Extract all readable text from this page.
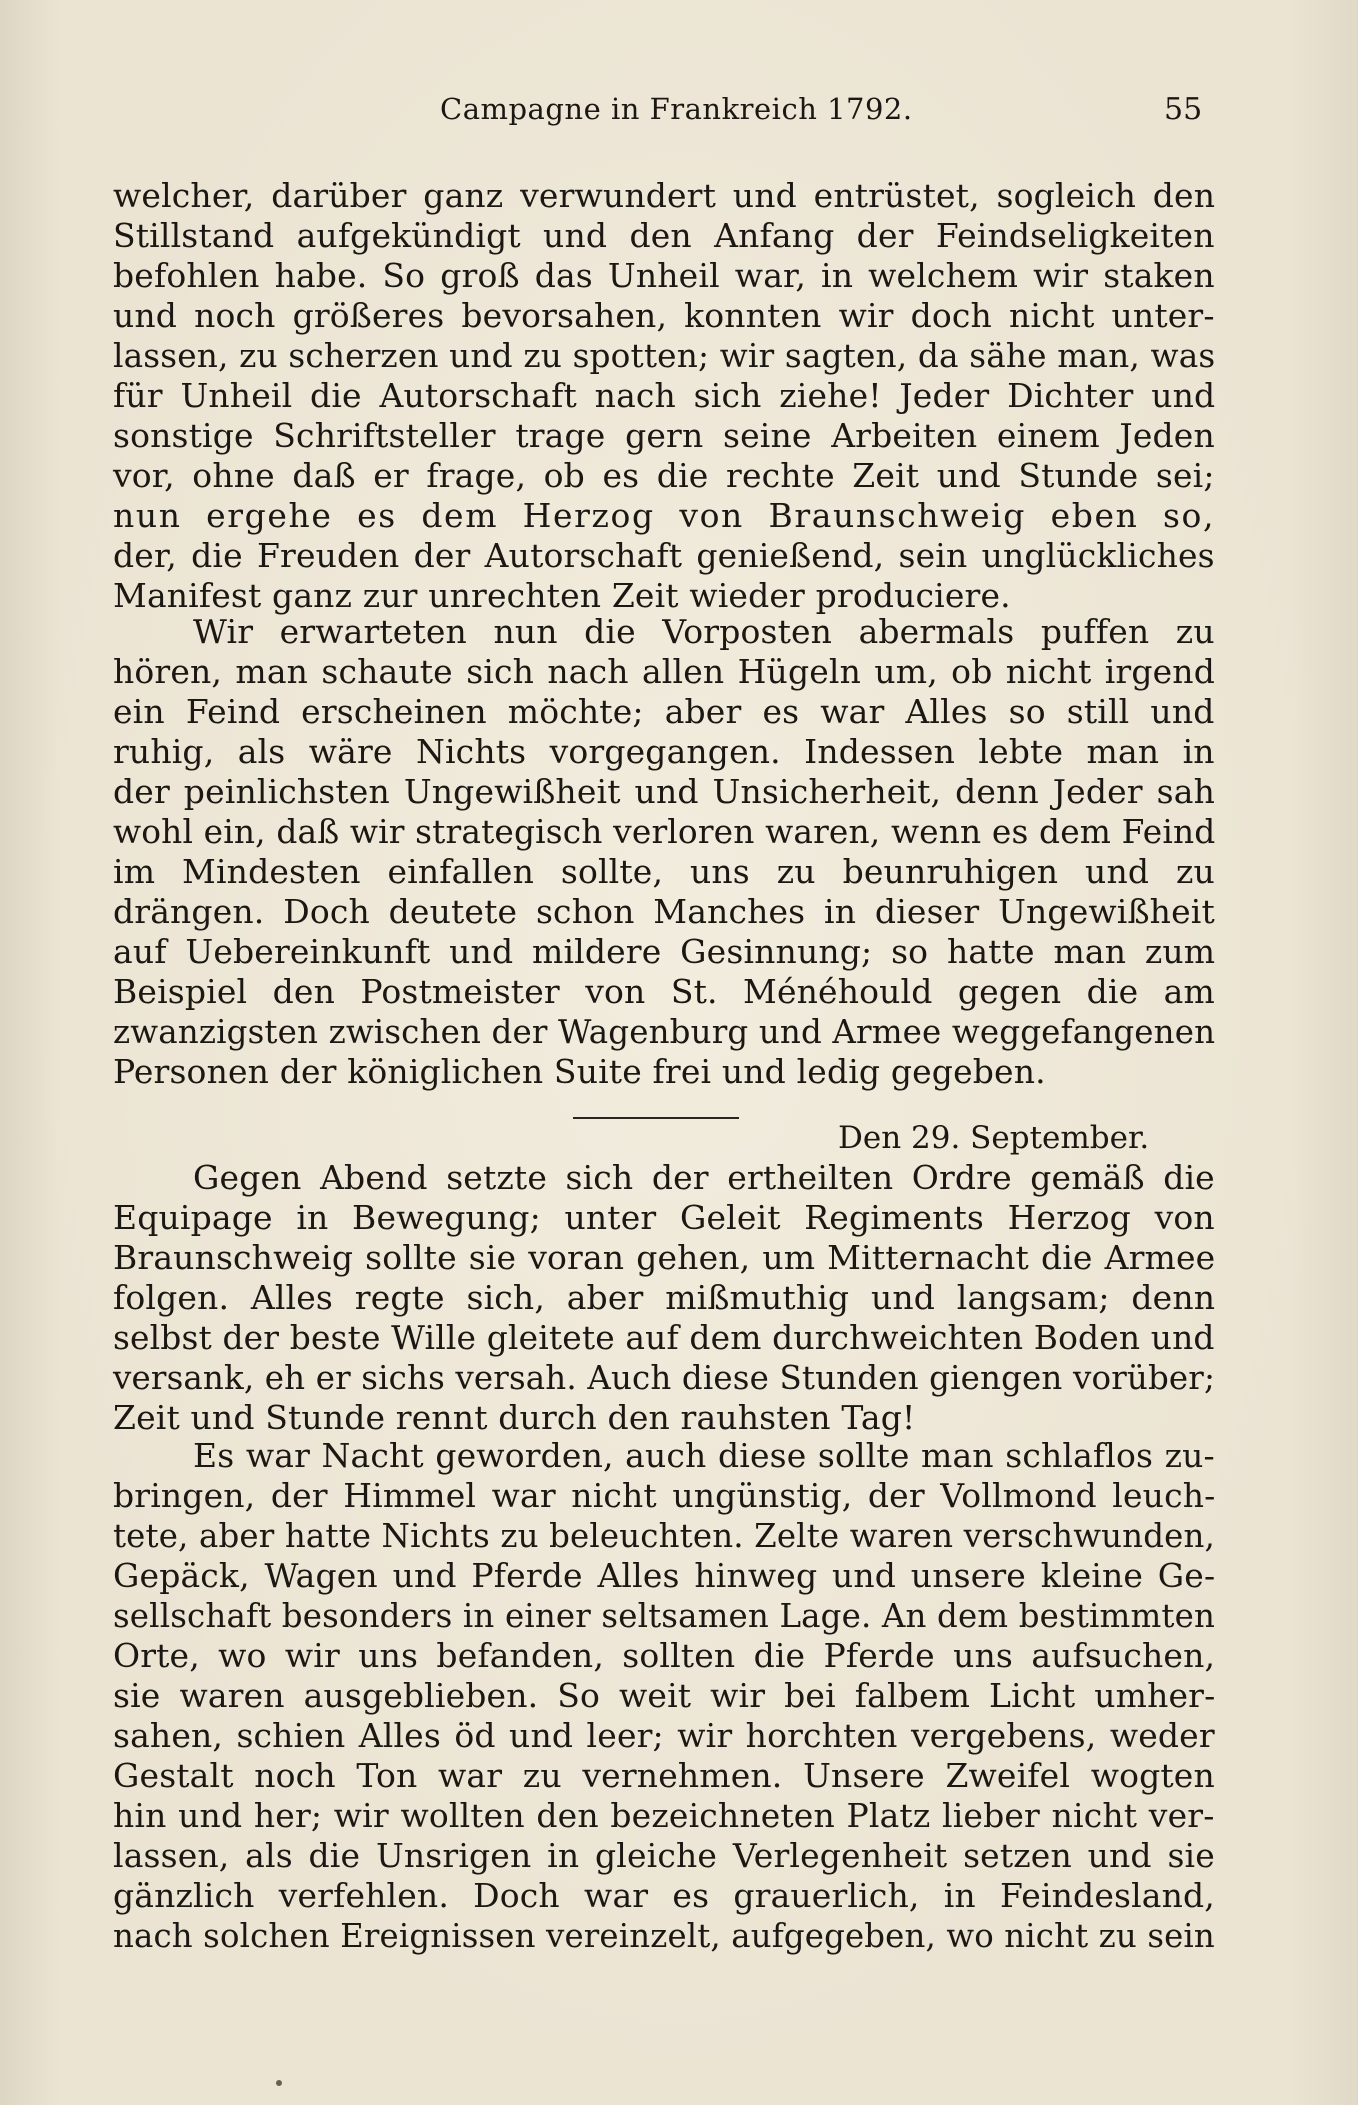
Campagne in Frankreich 1792.	55
welcher, darüber ganz verwundert und entrüstet, sogleich den
Stillstand aufgekündigt und den Anfang der Feindseligkeiten
befohlen habe. So groß das Unheil war, in welchem wir staken
und noch größeres bevorsahen, konnten wir doch nicht unter-
lassen, zu scherzen und zu spotten; wir sagten, da sähe man, was
für Unheil die Autorschaft nach sich ziehe! Jeder Dichter und
sonstige Schriftsteller trage gern seine Arbeiten einem Jeden
vor, ohne daß er frage, ob es die rechte Zeit und Stunde sei;
nun ergehe es dem Herzog von Braunschweig eben so,
der, die Freuden der Autorschaft genießend, sein unglückliches
Manifest ganz zur unrechten Zeit wieder produciere.
Wir erwarteten nun die Vorposten abermals puffen zu
hören, man schaute sich nach allen Hügeln um, ob nicht irgend
ein Feind erscheinen möchte; aber es war Alles so still und
ruhig, als wäre Nichts vorgegangen. Indessen lebte man in
der peinlichsten Ungewißheit und Unsicherheit, denn Jeder sah
wohl ein, daß wir strategisch verloren waren, wenn es dem Feind
im Mindesten einfallen sollte, uns zu beunruhigen und zu
drängen. Doch deutete schon Manches in dieser Ungewißheit
auf Uebereinkunft und mildere Gesinnung; so hatte man zum
Beispiel den Postmeister von St. Ménéhould gegen die am
zwanzigsten zwischen der Wagenburg und Armee weggefangenen
Personen der königlichen Suite frei und ledig gegeben.
Den 29. September.
Gegen Abend setzte sich der ertheilten Ordre gemäß die
Equipage in Bewegung; unter Geleit Regiments Herzog von
Braunschweig sollte sie voran gehen, um Mitternacht die Armee
folgen. Alles regte sich, aber mißmuthig und langsam; denn
selbst der beste Wille gleitete auf dem durchweichten Boden und
versank, eh er sichs versah. Auch diese Stunden giengen vorüber;
Zeit und Stunde rennt durch den rauhsten Tag!
Es war Nacht geworden, auch diese sollte man schlaflos zu-
bringen, der Himmel war nicht ungünstig, der Vollmond leuch-
tete, aber hatte Nichts zu beleuchten. Zelte waren verschwunden,
Gepäck, Wagen und Pferde Alles hinweg und unsere kleine Ge-
sellschaft besonders in einer seltsamen Lage. An dem bestimmten
Orte, wo wir uns befanden, sollten die Pferde uns aufsuchen,
sie waren ausgeblieben. So weit wir bei falbem Licht umher-
sahen, schien Alles öd und leer; wir horchten vergebens, weder
Gestalt noch Ton war zu vernehmen. Unsere Zweifel wogten
hin und her; wir wollten den bezeichneten Platz lieber nicht ver-
lassen, als die Unsrigen in gleiche Verlegenheit setzen und sie
gänzlich verfehlen. Doch war es grauerlich, in Feindesland,
nach solchen Ereignissen vereinzelt, aufgegeben, wo nicht zu sein
